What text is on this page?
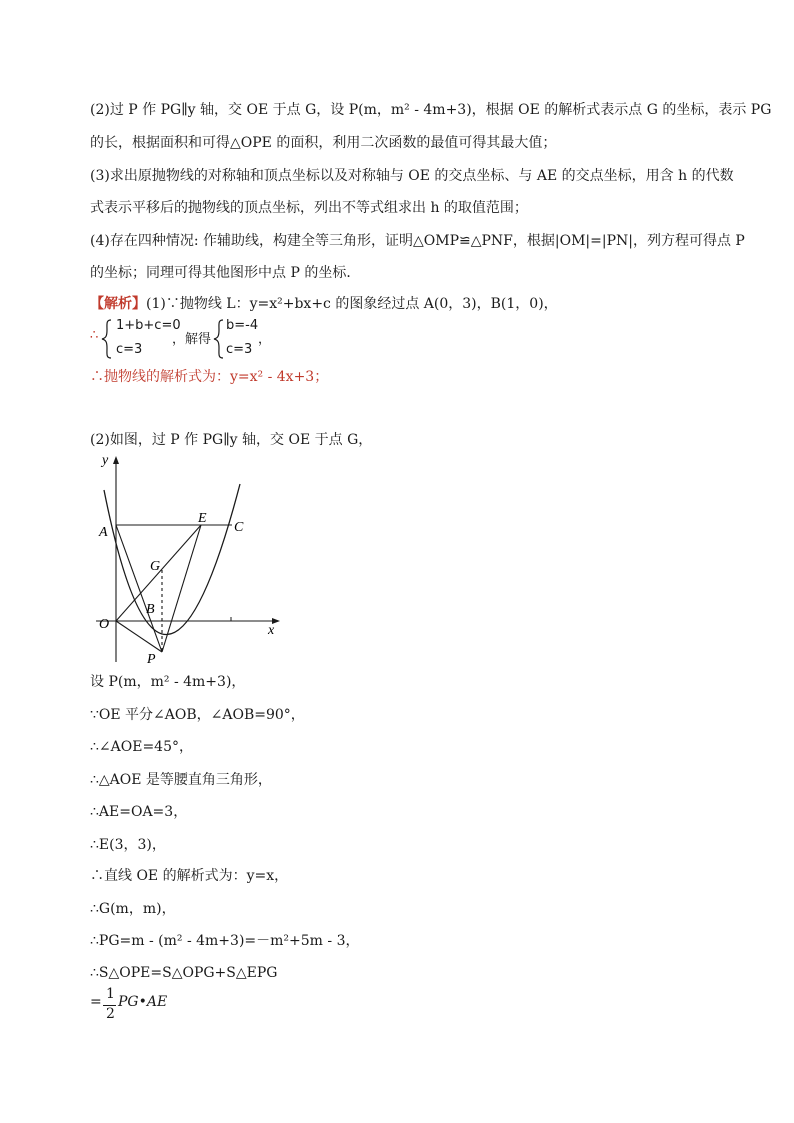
(2)过 P 作 PG∥y 轴，交 OE 于点 G，设 P(m，m² - 4m+3)，根据 OE 的解析式表示点 G 的坐标，表示 PG
的长，根据面积和可得△OPE 的面积，利用二次函数的最值可得其最大值；
(3)求出原抛物线的对称轴和顶点坐标以及对称轴与 OE 的交点坐标、与 AE 的交点坐标，用含 h 的代数
式表示平移后的抛物线的顶点坐标，列出不等式组求出 h 的取值范围；
(4)存在四种情况: 作辅助线，构建全等三角形，证明△OMP≌△PNF，根据|OM|=|PN|，列方程可得点 P
的坐标；同理可得其他图形中点 P 的坐标．
【解析】(1)∵抛物线 L：y=x²+bx+c 的图象经过点 A(0，3)，B(1，0)，
∴
1+b+c=0
c=3
，解得
b=-4
c=3
，
∴抛物线的解析式为：y=x² - 4x+3；
(2)如图，过 P 作 PG∥y 轴，交 OE 于点 G，
y
x
A
E
C
G
B
O
P
设 P(m，m² - 4m+3)，
∵OE 平分∠AOB，∠AOB=90°，
∴∠AOE=45°，
∴△AOE 是等腰直角三角形，
∴AE=OA=3，
∴E(3，3)，
∴直线 OE 的解析式为：y=x，
∴G(m，m)，
∴PG=m - (m² - 4m+3)=－m²+5m - 3，
∴S△OPE=S△OPG+S△EPG
= 1
2
PG•AE
